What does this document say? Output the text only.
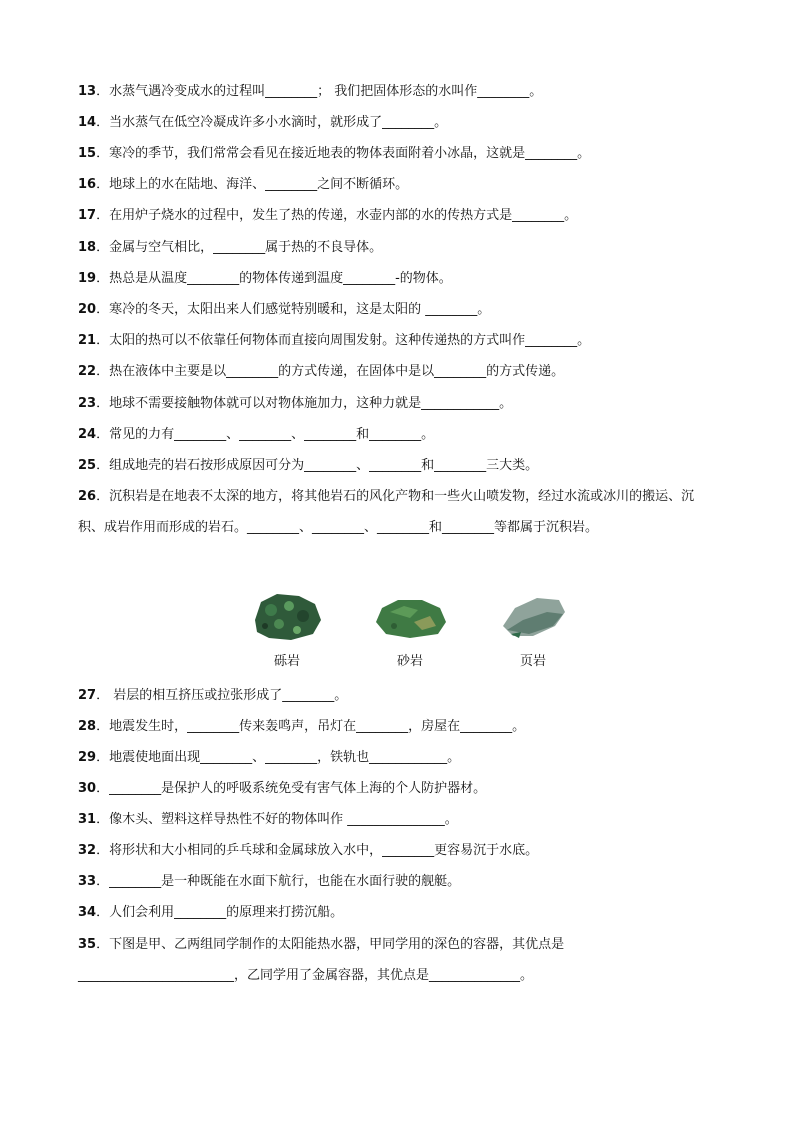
13．水蒸气遇冷变成水的过程叫________； 我们把固体形态的水叫作________。
14．当水蒸气在低空冷凝成许多小水滴时，就形成了________。
15．寒冷的季节，我们常常会看见在接近地表的物体表面附着小冰晶，这就是________。
16．地球上的水在陆地、海洋、________之间不断循环。
17．在用炉子烧水的过程中，发生了热的传递，水壶内部的水的传热方式是________。
18．金属与空气相比，________属于热的不良导体。
19．热总是从温度________的物体传递到温度________-的物体。
20．寒冷的冬天，太阳出来人们感觉特别暖和，这是太阳的 ________。
21．太阳的热可以不依靠任何物体而直接向周围发射。这种传递热的方式叫作________。
22．热在液体中主要是以________的方式传递，在固体中是以________的方式传递。
23．地球不需要接触物体就可以对物体施加力，这种力就是____________。
24．常见的力有________、________、________和________。
25．组成地壳的岩石按形成原因可分为________、________和________三大类。
26．沉积岩是在地表不太深的地方，将其他岩石的风化产物和一些火山喷发物，经过水流或冰川的搬运、沉积、成岩作用而形成的岩石。________、________、________和________等都属于沉积岩。
砾岩	砂岩	页岩
27． 岩层的相互挤压或拉张形成了________。
28．地震发生时，________传来轰鸣声，吊灯在________，房屋在________。
29．地震使地面出现________、________，铁轨也____________。
30．________是保护人的呼吸系统免受有害气体上海的个人防护器材。
31．像木头、塑料这样导热性不好的物体叫作 _______________。
32．将形状和大小相同的乒乓球和金属球放入水中，________更容易沉于水底。
33．________是一种既能在水面下航行，也能在水面行驶的舰艇。
34．人们会利用________的原理来打捞沉船。
35．下图是甲、乙两组同学制作的太阳能热水器，甲同学用的深色的容器，其优点是________________________，乙同学用了金属容器，其优点是______________。
